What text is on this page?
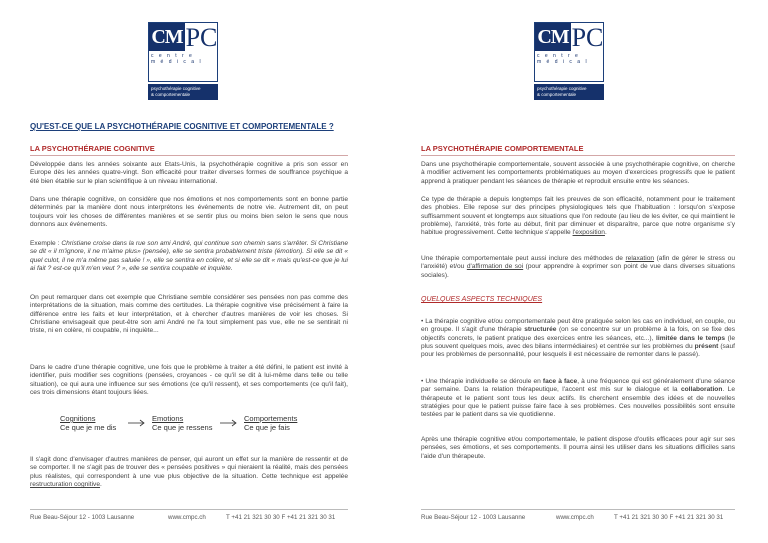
CM PC
c e n t r e
m é d i c a l
psychothérapie cognitive
& comportementale
QU'EST-CE QUE LA PSYCHOTHÉRAPIE COGNITIVE ET COMPORTEMENTALE ?
LA PSYCHOTHÉRAPIE COGNITIVE

Développée dans les années soixante aux Etats-Unis, la psychothérapie cognitive a pris son essor en Europe dès les années quatre-vingt. Son efficacité pour traiter diverses formes de souffrance psychique a été bien établie sur le plan scientifique à un niveau international.

Dans une thérapie cognitive, on considère que nos émotions et nos comportements sont en bonne partie déterminés par la manière dont nous interprétons les événements de notre vie. Autrement dit, on peut toujours voir les choses de différentes manières et se sentir plus ou moins bien selon le sens que nous donnons aux événements.

Exemple : Christiane croise dans la rue son ami André, qui continue son chemin sans s'arrêter. Si Christiane se dit « il m'ignore, il ne m'aime plus» (pensée), elle se sentira probablement triste (émotion). Si elle se dit « quel culot, il ne m'a même pas saluée ! », elle se sentira en colère, et si elle se dit « mais qu'est-ce que je lui ai fait ? est-ce qu'il m'en veut ? », elle se sentira coupable et inquiète.

On peut remarquer dans cet exemple que Christiane semble considérer ses pensées non pas comme des interprétations de la situation, mais comme des certitudes. La thérapie cognitive vise précisément à faire la différence entre les faits et leur interprétation, et à chercher d'autres manières de voir les choses. Si Christiane envisageait que peut-être son ami André ne l'a tout simplement pas vue, elle ne se sentirait ni triste, ni en colère, ni coupable, ni inquiète...

Dans le cadre d'une thérapie cognitive, une fois que le problème à traiter a été défini, le patient est invité à identifier, puis modifier ses cognitions (pensées, croyances - ce qu'il se dit à lui-même dans telle ou telle situation), ce qui aura une influence sur ses émotions (ce qu'il ressent), et ses comportements (ce qu'il fait), ces trois dimensions étant toujours liées.

Cognitions
Ce que je me dis
Emotions
Ce que je ressens
Comportements
Ce que je fais

Il s'agit donc d'envisager d'autres manières de penser, qui auront un effet sur la manière de ressentir et de se comporter. Il ne s'agit pas de trouver des « pensées positives » qui nieraient la réalité, mais des pensées plus réalistes, qui correspondent à une vue plus objective de la situation. Cette technique est appelée restructuration cognitive.

Rue Beau-Séjour 12 - 1003 Lausanne	www.cmpc.ch	T +41 21 321 30 30 F +41 21 321 30 31
CM PC
c e n t r e
m é d i c a l
psychothérapie cognitive
& comportementale
LA PSYCHOTHÉRAPIE COMPORTEMENTALE

Dans une psychothérapie comportementale, souvent associée à une psychothérapie cognitive, on cherche à modifier activement les comportements problématiques au moyen d'exercices progressifs que le patient apprend à pratiquer pendant les séances de thérapie et reproduit ensuite entre les séances.

Ce type de thérapie a depuis longtemps fait les preuves de son efficacité, notamment pour le traitement des phobies. Elle repose sur des principes physiologiques tels que l'habituation : lorsqu'on s'expose suffisamment souvent et longtemps aux situations que l'on redoute (au lieu de les éviter, ce qui maintient le problème), l'anxiété, très forte au début, finit par diminuer et disparaître, parce que notre organisme s'y habitue progressivement. Cette technique s'appelle l'exposition.

Une thérapie comportementale peut aussi inclure des méthodes de relaxation (afin de gérer le stress ou l'anxiété) et/ou d'affirmation de soi (pour apprendre à exprimer son point de vue dans diverses situations sociales).

QUELQUES ASPECTS TECHNIQUES

• La thérapie cognitive et/ou comportementale peut être pratiquée selon les cas en individuel, en couple, ou en groupe. Il s'agit d'une thérapie structurée (on se concentre sur un problème à la fois, on se fixe des objectifs concrets, le patient pratique des exercices entre les séances, etc...), limitée dans le temps (le plus souvent quelques mois, avec des bilans intermédiaires) et centrée sur les problèmes du présent (sauf pour les problèmes de personnalité, pour lesquels il est nécessaire de remonter dans le passé).

• Une thérapie individuelle se déroule en face à face, à une fréquence qui est généralement d'une séance par semaine. Dans la relation thérapeutique, l'accent est mis sur le dialogue et la collaboration. Le thérapeute et le patient sont tous les deux actifs. Ils cherchent ensemble des idées et de nouvelles stratégies pour que le patient puisse faire face à ses problèmes. Ces nouvelles possibilités sont ensuite testées par le patient dans sa vie quotidienne.

Après une thérapie cognitive et/ou comportementale, le patient dispose d'outils efficaces pour agir sur ses pensées, ses émotions, et ses comportements. Il pourra ainsi les utiliser dans les situations difficiles sans l'aide d'un thérapeute.

Rue Beau-Séjour 12 - 1003 Lausanne	www.cmpc.ch	T +41 21 321 30 30 F +41 21 321 30 31
